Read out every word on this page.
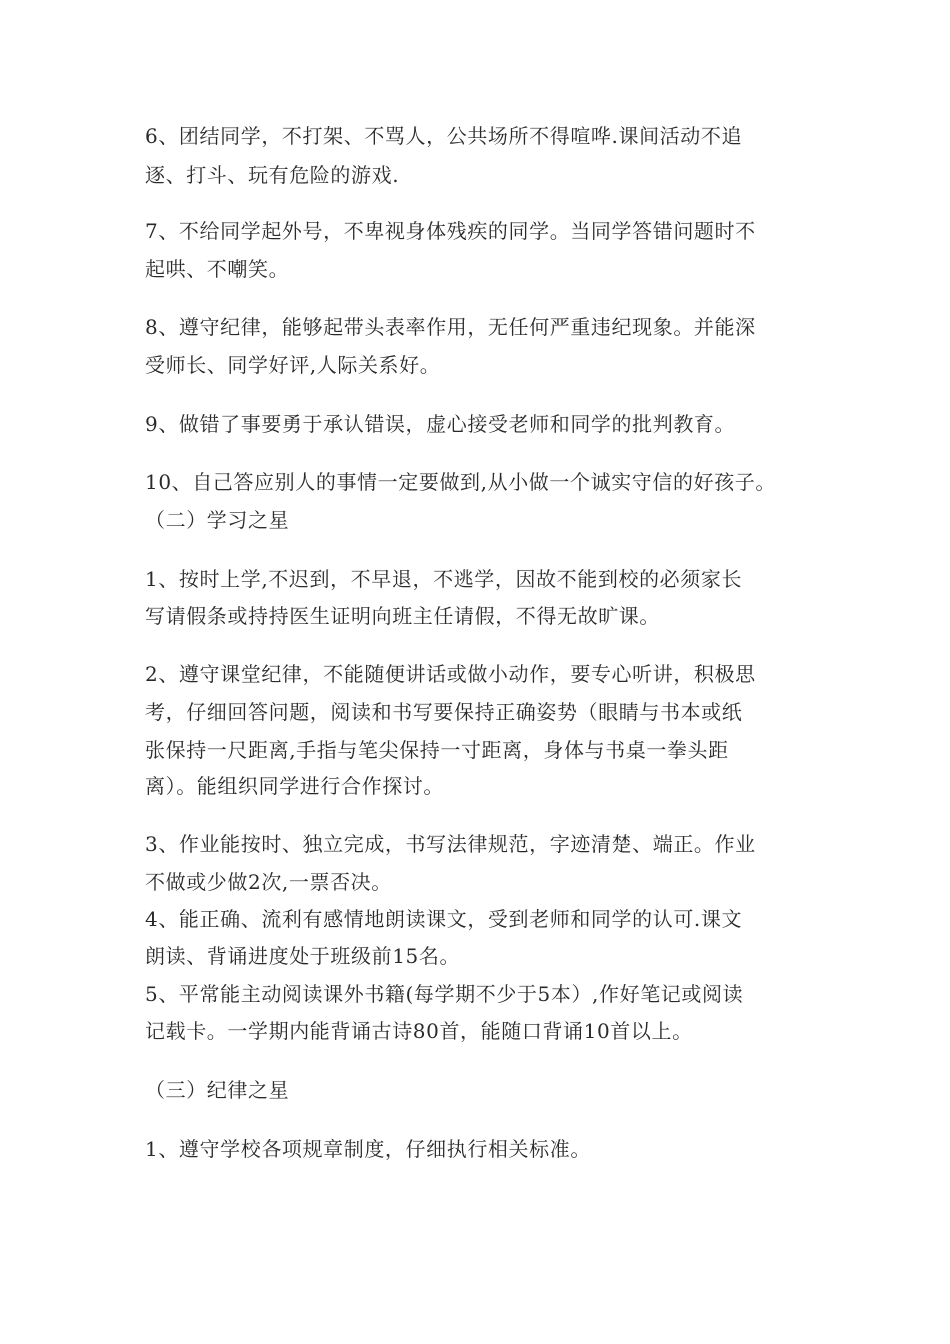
6、团结同学，不打架、不骂人，公共场所不得喧哗.课间活动不追
逐、打斗、玩有危险的游戏.
7、不给同学起外号，不卑视身体残疾的同学。当同学答错问题时不
起哄、不嘲笑。
8、遵守纪律，能够起带头表率作用，无任何严重违纪现象。并能深
受师长、同学好评,人际关系好。
9、做错了事要勇于承认错误，虚心接受老师和同学的批判教育。
10、自己答应别人的事情一定要做到,从小做一个诚实守信的好孩子。
（二）学习之星
1、按时上学,不迟到，不早退，不逃学，因故不能到校的必须家长
写请假条或持持医生证明向班主任请假，不得无故旷课。
2、遵守课堂纪律，不能随便讲话或做小动作，要专心听讲，积极思
考，仔细回答问题，阅读和书写要保持正确姿势（眼睛与书本或纸
张保持一尺距离,手指与笔尖保持一寸距离，身体与书桌一拳头距
离）。能组织同学进行合作探讨。
3、作业能按时、独立完成，书写法律规范，字迹清楚、端正。作业
不做或少做2次,一票否决。
4、能正确、流利有感情地朗读课文，受到老师和同学的认可.课文
朗读、背诵进度处于班级前15名。
5、平常能主动阅读课外书籍(每学期不少于5本）,作好笔记或阅读
记载卡。一学期内能背诵古诗80首，能随口背诵10首以上。
（三）纪律之星
1、遵守学校各项规章制度，仔细执行相关标准。
